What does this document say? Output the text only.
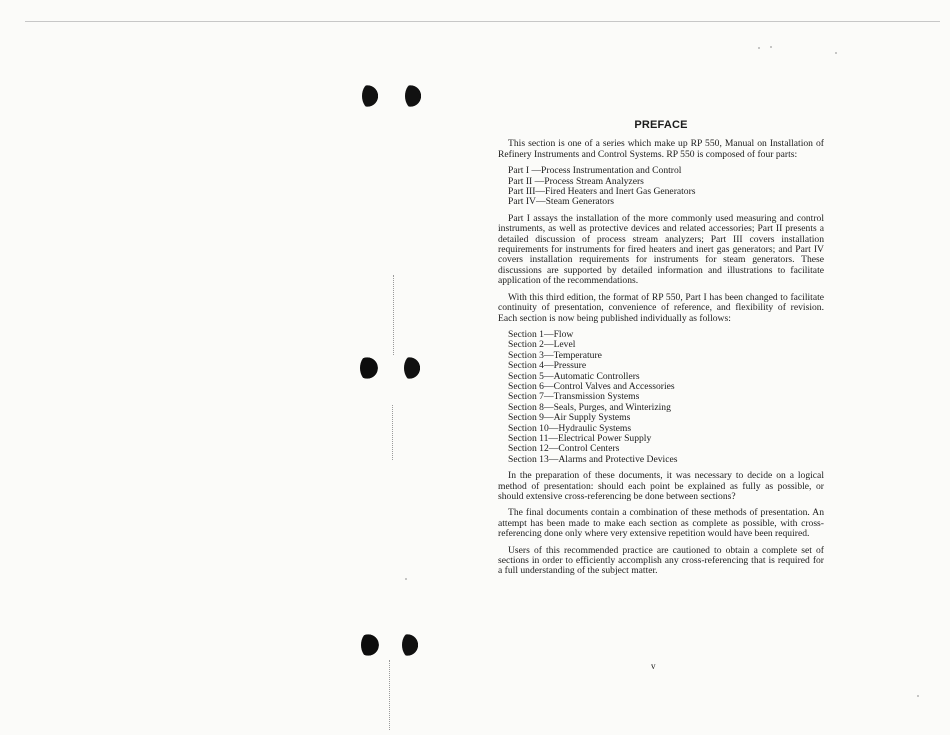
PREFACE

This section is one of a series which make up RP 550, Manual on Installation of Refinery Instruments and Control Systems. RP 550 is composed of four parts:

Part I —Process Instrumentation and Control
Part II —Process Stream Analyzers
Part III—Fired Heaters and Inert Gas Generators
Part IV—Steam Generators

Part I assays the installation of the more commonly used measuring and control instruments, as well as protective devices and related accessories; Part II presents a detailed discussion of process stream analyzers; Part III covers installation requirements for instruments for fired heaters and inert gas generators; and Part IV covers installation requirements for instruments for steam generators. These discussions are supported by detailed information and illustrations to facilitate application of the recommendations.

With this third edition, the format of RP 550, Part I has been changed to facilitate continuity of presentation, convenience of reference, and flexibility of revision. Each section is now being published individually as follows:

Section 1—Flow
Section 2—Level
Section 3—Temperature
Section 4—Pressure
Section 5—Automatic Controllers
Section 6—Control Valves and Accessories
Section 7—Transmission Systems
Section 8—Seals, Purges, and Winterizing
Section 9—Air Supply Systems
Section 10—Hydraulic Systems
Section 11—Electrical Power Supply
Section 12—Control Centers
Section 13—Alarms and Protective Devices

In the preparation of these documents, it was necessary to decide on a logical method of presentation: should each point be explained as fully as possible, or should extensive cross-referencing be done between sections?

The final documents contain a combination of these methods of presentation. An attempt has been made to make each section as complete as possible, with cross-referencing done only where very extensive repetition would have been required.

Users of this recommended practice are cautioned to obtain a complete set of sections in order to efficiently accomplish any cross-referencing that is required for a full understanding of the subject matter.

v
